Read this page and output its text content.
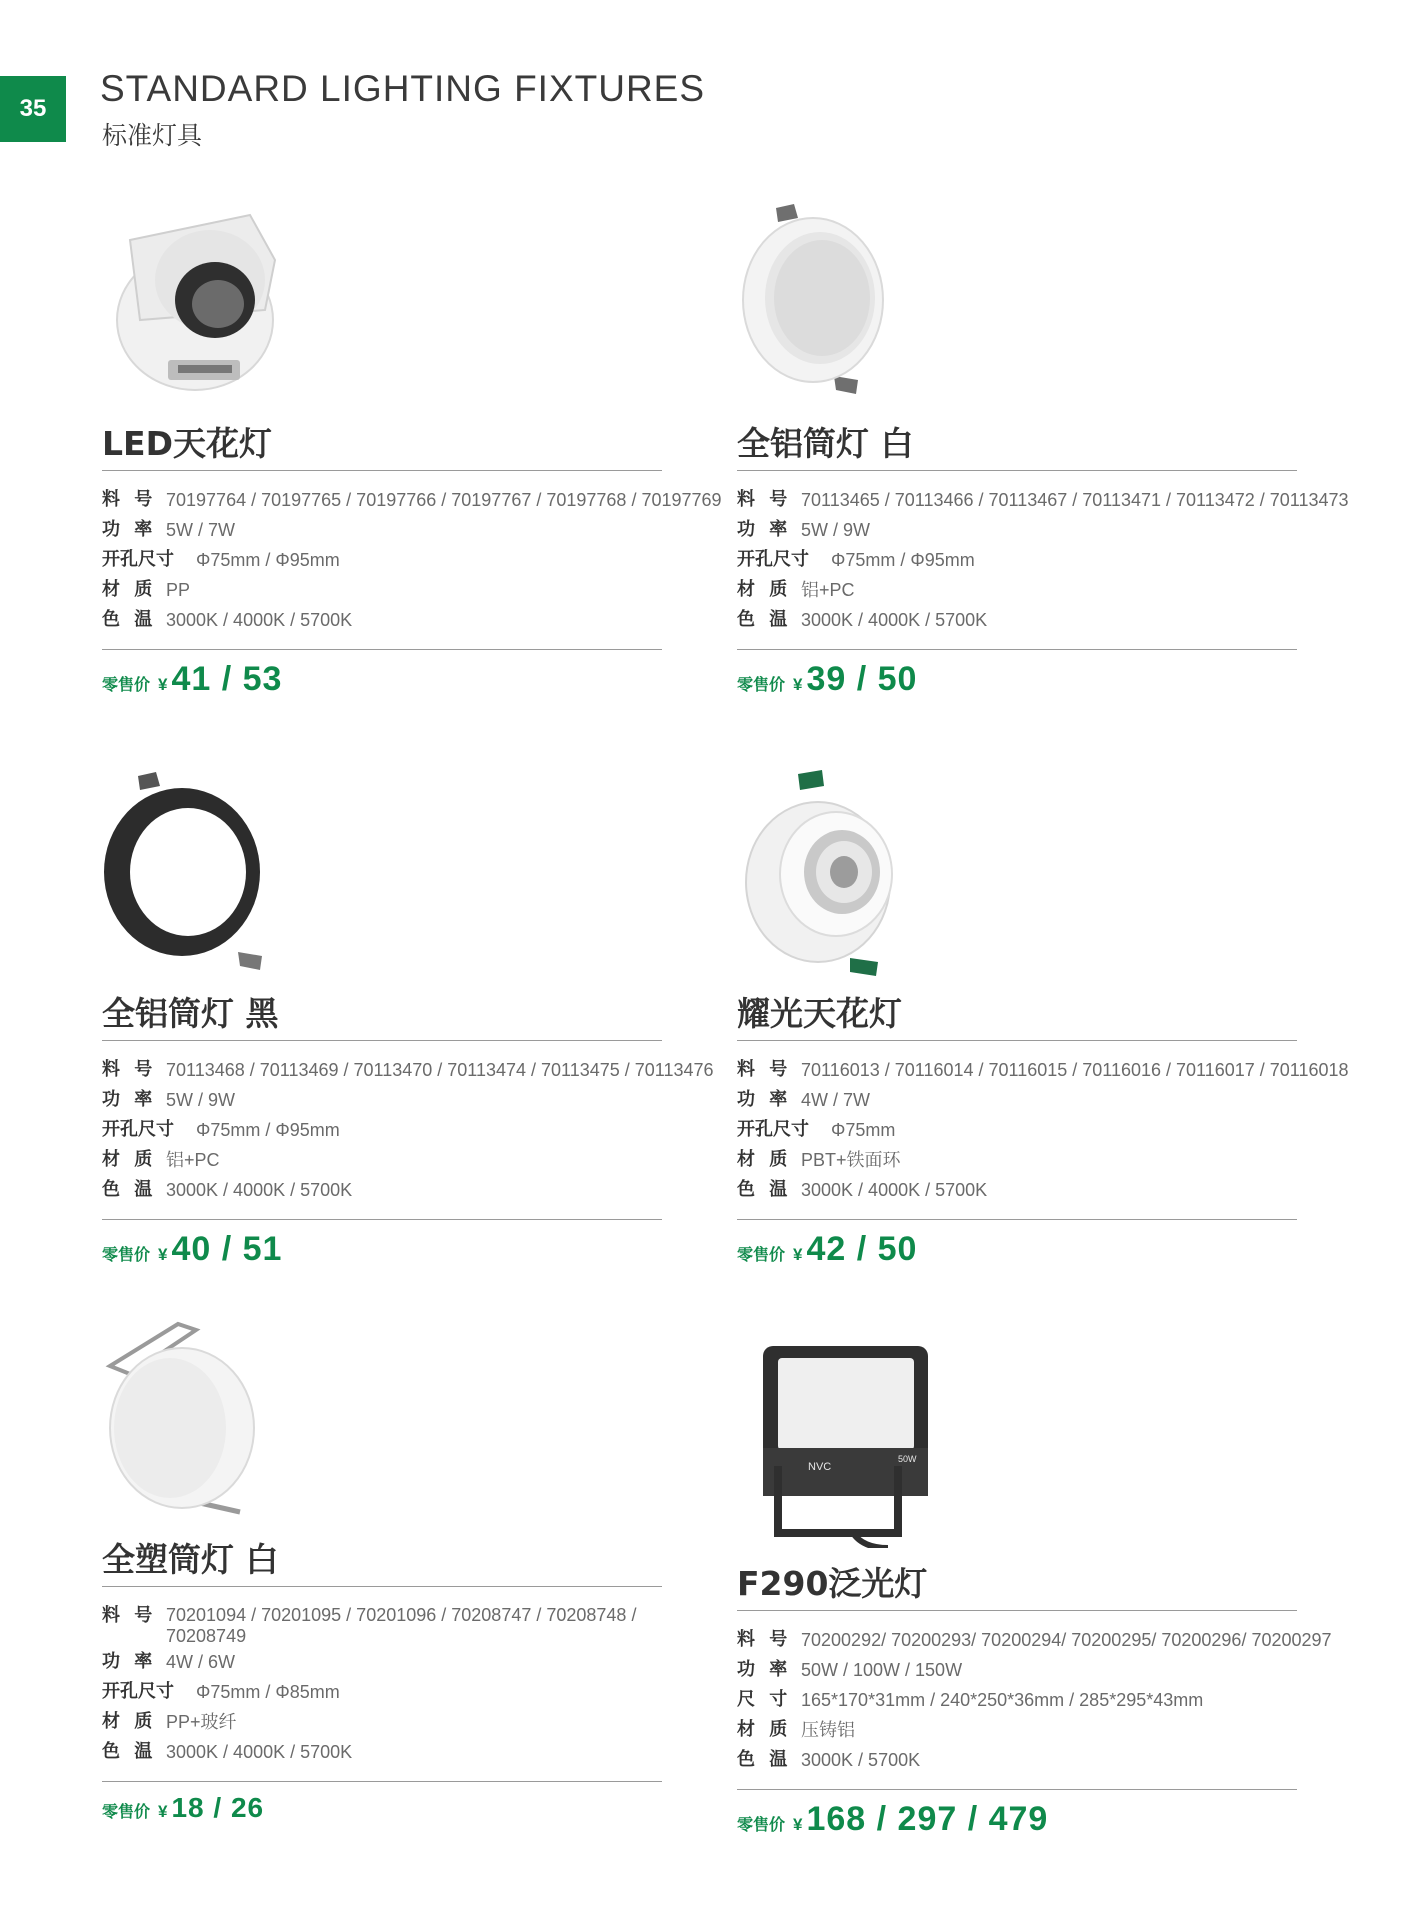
35	STANDARD LIGHTING FIXTURES
标准灯具
NVC
50W
LED天花灯
料 号 70197764 / 70197765 / 70197766 / 70197767 / 70197768 / 70197769
功 率 5W / 7W
开孔尺寸	Φ75mm / Φ95mm
材 质 PP
色 温 3000K / 4000K / 5700K
零售价 ¥ 41 / 53
全铝筒灯 白
料 号 70113465 / 70113466 / 70113467 / 70113471 / 70113472 / 70113473
功 率 5W / 9W
开孔尺寸	Φ75mm / Φ95mm
材 质 铝+PC
色 温 3000K / 4000K / 5700K
零售价 ¥ 39 / 50
全铝筒灯 黑
料 号 70113468 / 70113469 / 70113470 / 70113474 / 70113475 / 70113476
功 率 5W / 9W
开孔尺寸	Φ75mm / Φ95mm
材 质 铝+PC
色 温 3000K / 4000K / 5700K
零售价 ¥ 40 / 51
耀光天花灯
料 号 70116013 / 70116014 / 70116015 / 70116016 / 70116017 / 70116018
功 率 4W / 7W
开孔尺寸	Φ75mm
材 质 PBT+铁面环
色 温 3000K / 4000K / 5700K
零售价 ¥ 42 / 50
全塑筒灯 白
料 号 70201094 / 70201095 / 70201096 / 70208747 / 70208748 / 70208749
功 率 4W / 6W
开孔尺寸	Φ75mm / Φ85mm
材 质 PP+玻纤
色 温 3000K / 4000K / 5700K
零售价 ¥ 18 / 26
F290泛光灯
料 号 70200292/ 70200293/ 70200294/ 70200295/ 70200296/ 70200297
功 率 50W / 100W / 150W
尺 寸 165*170*31mm / 240*250*36mm / 285*295*43mm
材 质 压铸铝
色 温 3000K / 5700K
零售价 ¥ 168 / 297 / 479
